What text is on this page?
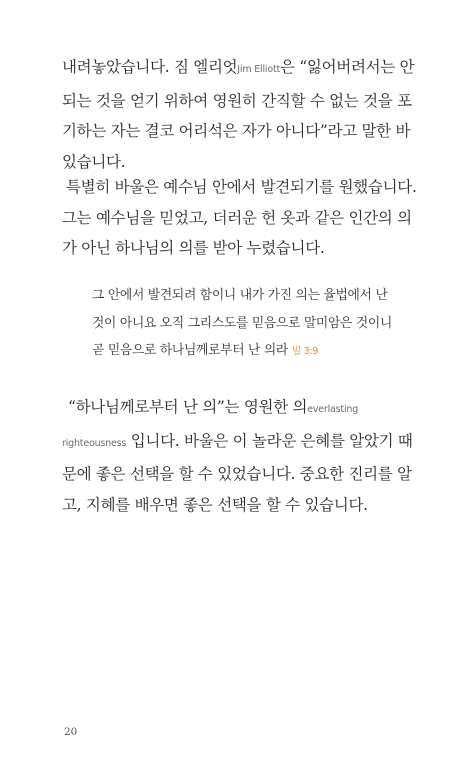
내려놓았습니다. 짐 엘리엇Jim Elliott은 “잃어버려서는 안 되는 것을 얻기 위하여 영원히 간직할 수 없는 것을 포기하는 자는 결코 어리석은 자가 아니다”라고 말한 바 있습니다.

특별히 바울은 예수님 안에서 발견되기를 원했습니다. 그는 예수님을 믿었고, 더러운 헌 옷과 같은 인간의 의가 아닌 하나님의 의를 받아 누렸습니다.

그 안에서 발견되려 함이니 내가 가진 의는 율법에서 난 것이 아니요 오직 그리스도를 믿음으로 말미암은 것이니 곧 믿음으로 하나님께로부터 난 의라 빌 3:9

“하나님께로부터 난 의”는 영원한 의everlasting righteousness 입니다. 바울은 이 놀라운 은혜를 알았기 때문에 좋은 선택을 할 수 있었습니다. 중요한 진리를 알고, 지혜를 배우면 좋은 선택을 할 수 있습니다.

20
